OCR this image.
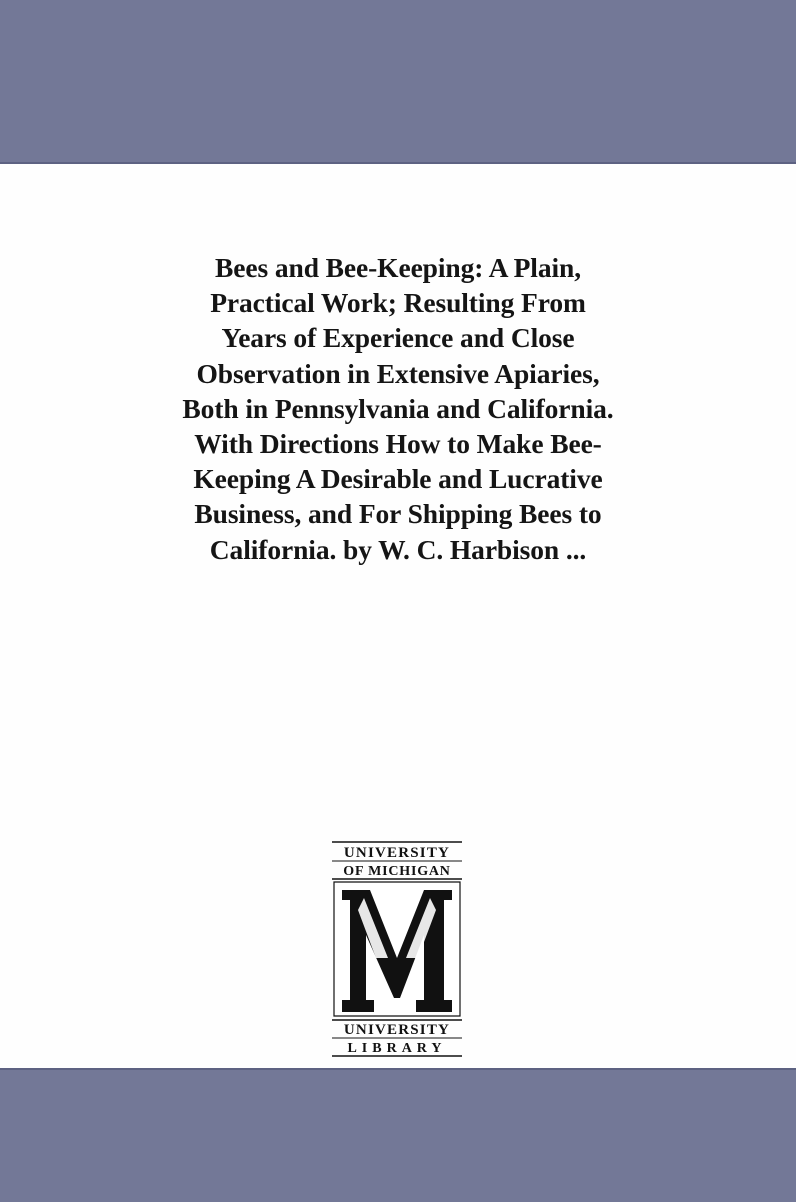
Bees and Bee-Keeping: A Plain,
Practical Work; Resulting From
Years of Experience and Close
Observation in Extensive Apiaries,
Both in Pennsylvania and California.
With Directions How to Make Bee-
Keeping A Desirable and Lucrative
Business, and For Shipping Bees to
California. by W. C. Harbison ...
UNIVERSITY
OF MICHIGAN
UNIVERSITY
LIBRARY
